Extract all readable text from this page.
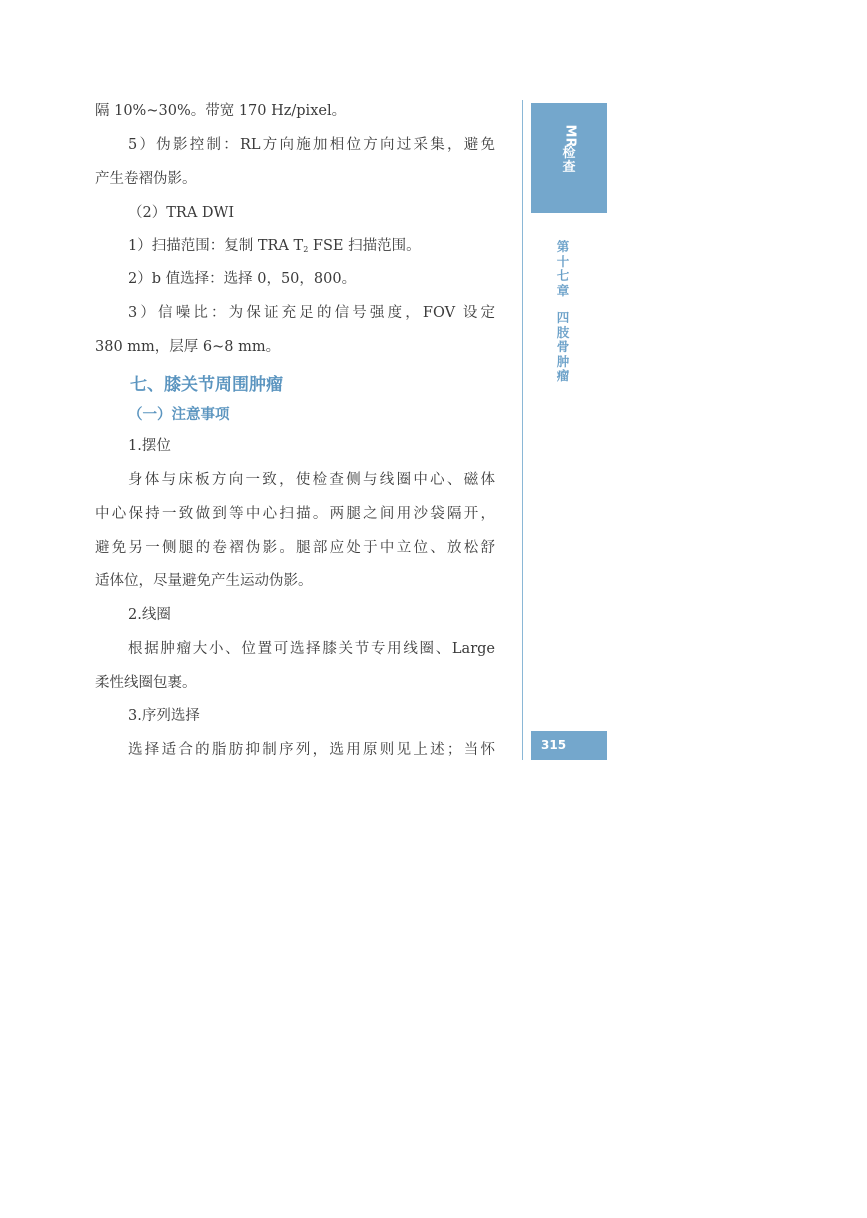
隔 10%~30%。带宽 170 Hz/pixel。
5）伪影控制：RL方向施加相位方向过采集，避免
产生卷褶伪影。
（2）TRA DWI
1）扫描范围：复制 TRA $T_2$ FSE 扫描范围。
2）b 值选择：选择 0，50，800。
3）信噪比：为保证充足的信号强度，FOV 设定
380 mm，层厚 6~8 mm。
七、膝关节周围肿瘤
（一）注意事项
1.摆位
身体与床板方向一致，使检查侧与线圈中心、磁体
中心保持一致做到等中心扫描。两腿之间用沙袋隔开，
避免另一侧腿的卷褶伪影。腿部应处于中立位、放松舒
适体位，尽量避免产生运动伪影。
2.线圈
根据肿瘤大小、位置可选择膝关节专用线圈、Large
柔性线圈包裹。
3.序列选择
选择适合的脂肪抑制序列，选用原则见上述；当怀
MR
检
查
第
十
七
章
四
肢
骨
肿
瘤
315
